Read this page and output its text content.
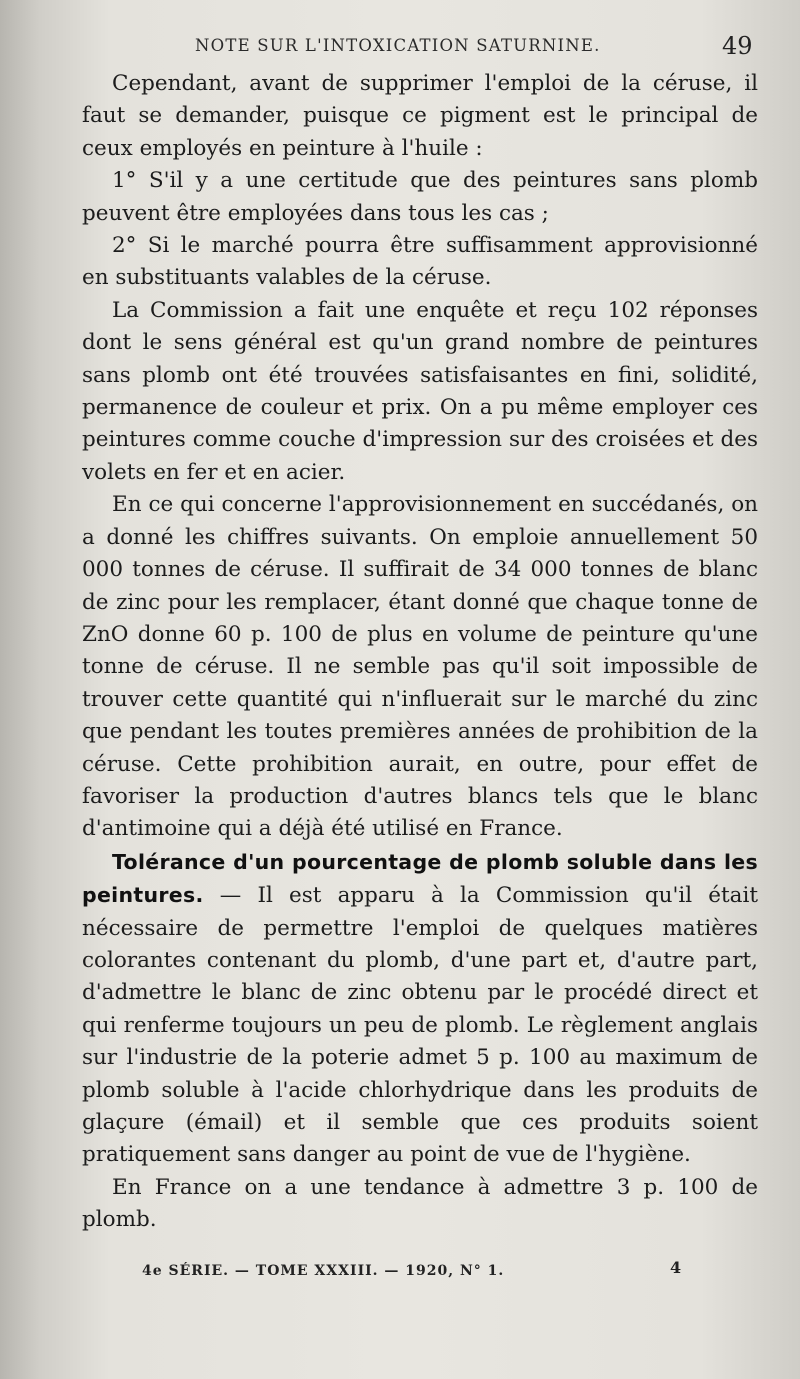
NOTE SUR L'INTOXICATION SATURNINE.	49

Cependant, avant de supprimer l'emploi de la céruse, il faut se demander, puisque ce pigment est le principal de ceux employés en peinture à l'huile :

1° S'il y a une certitude que des peintures sans plomb peuvent être employées dans tous les cas ;

2° Si le marché pourra être suffisamment approvisionné en substituants valables de la céruse.

La Commission a fait une enquête et reçu 102 réponses dont le sens général est qu'un grand nombre de peintures sans plomb ont été trouvées satisfaisantes en fini, solidité, permanence de couleur et prix. On a pu même employer ces peintures comme couche d'impression sur des croisées et des volets en fer et en acier.

En ce qui concerne l'approvisionnement en succédanés, on a donné les chiffres suivants. On emploie annuellement 50 000 tonnes de céruse. Il suffirait de 34 000 tonnes de blanc de zinc pour les remplacer, étant donné que chaque tonne de ZnO donne 60 p. 100 de plus en volume de peinture qu'une tonne de céruse. Il ne semble pas qu'il soit impossible de trouver cette quantité qui n'influerait sur le marché du zinc que pendant les toutes premières années de prohibition de la céruse. Cette prohibition aurait, en outre, pour effet de favoriser la production d'autres blancs tels que le blanc d'antimoine qui a déjà été utilisé en France.

Tolérance d'un pourcentage de plomb soluble dans les peintures. — Il est apparu à la Commission qu'il était nécessaire de permettre l'emploi de quelques matières colorantes contenant du plomb, d'une part et, d'autre part, d'admettre le blanc de zinc obtenu par le procédé direct et qui renferme toujours un peu de plomb. Le règlement anglais sur l'industrie de la poterie admet 5 p. 100 au maximum de plomb soluble à l'acide chlorhydrique dans les produits de glaçure (émail) et il semble que ces produits soient pratiquement sans danger au point de vue de l'hygiène.

En France on a une tendance à admettre 3 p. 100 de plomb.

4e SÉRIE. — TOME XXXIII. — 1920, N° 1.	4
